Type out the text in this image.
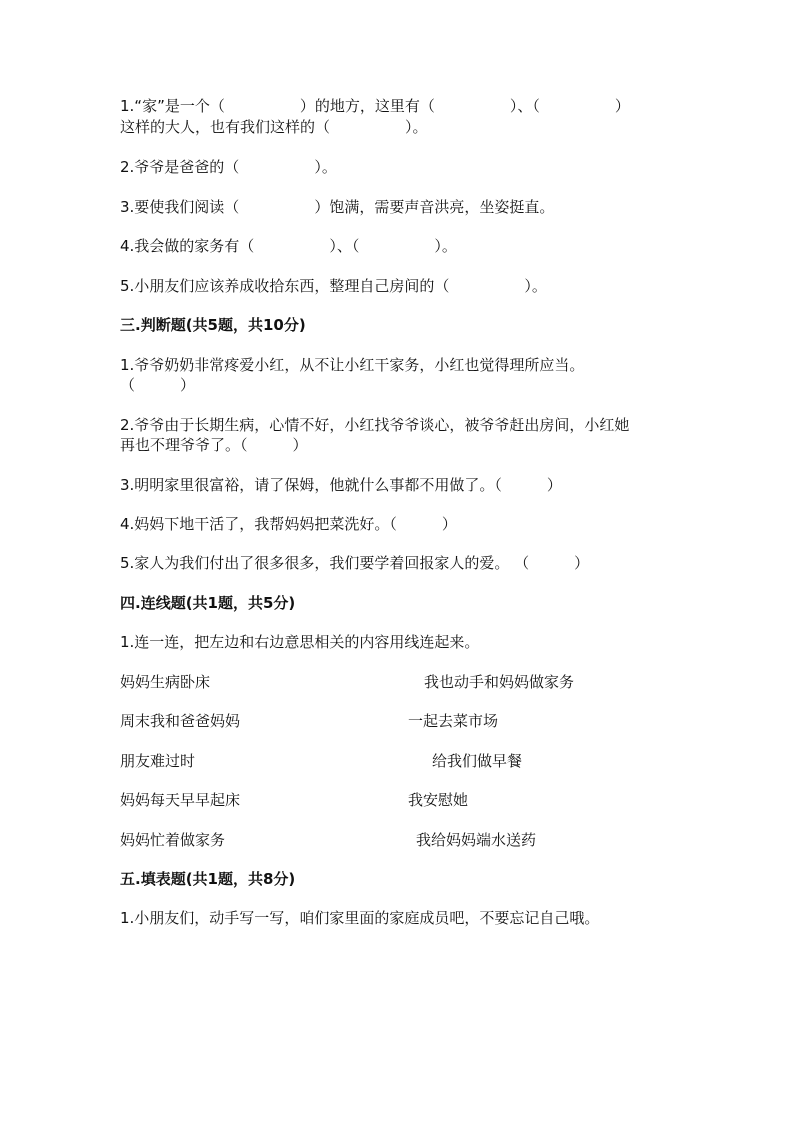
1.“家”是一个（　　　　　）的地方，这里有（　　　　　）、（　　　　　）
这样的大人，也有我们这样的（　　　　　）。
2.爷爷是爸爸的（　　　　　）。
3.要使我们阅读（　　　　　）饱满，需要声音洪亮，坐姿挺直。
4.我会做的家务有（　　　　　）、（　　　　　）。
5.小朋友们应该养成收拾东西，整理自己房间的（　　　　　）。
三.判断题(共5题，共10分)
1.爷爷奶奶非常疼爱小红，从不让小红干家务，小红也觉得理所应当。
（　　　）
2.爷爷由于长期生病，心情不好，小红找爷爷谈心，被爷爷赶出房间，小红她
再也不理爷爷了。（　　　）
3.明明家里很富裕，请了保姆，他就什么事都不用做了。（　　　）
4.妈妈下地干活了，我帮妈妈把菜洗好。（　　　）
5.家人为我们付出了很多很多，我们要学着回报家人的爱。 （　　　）
四.连线题(共1题，共5分)
1.连一连，把左边和右边意思相关的内容用线连起来。
妈妈生病卧床	我也动手和妈妈做家务
周末我和爸爸妈妈	一起去菜市场
朋友难过时	给我们做早餐
妈妈每天早早起床	我安慰她
妈妈忙着做家务	我给妈妈端水送药
五.填表题(共1题，共8分)
1.小朋友们，动手写一写，咱们家里面的家庭成员吧，不要忘记自己哦。
